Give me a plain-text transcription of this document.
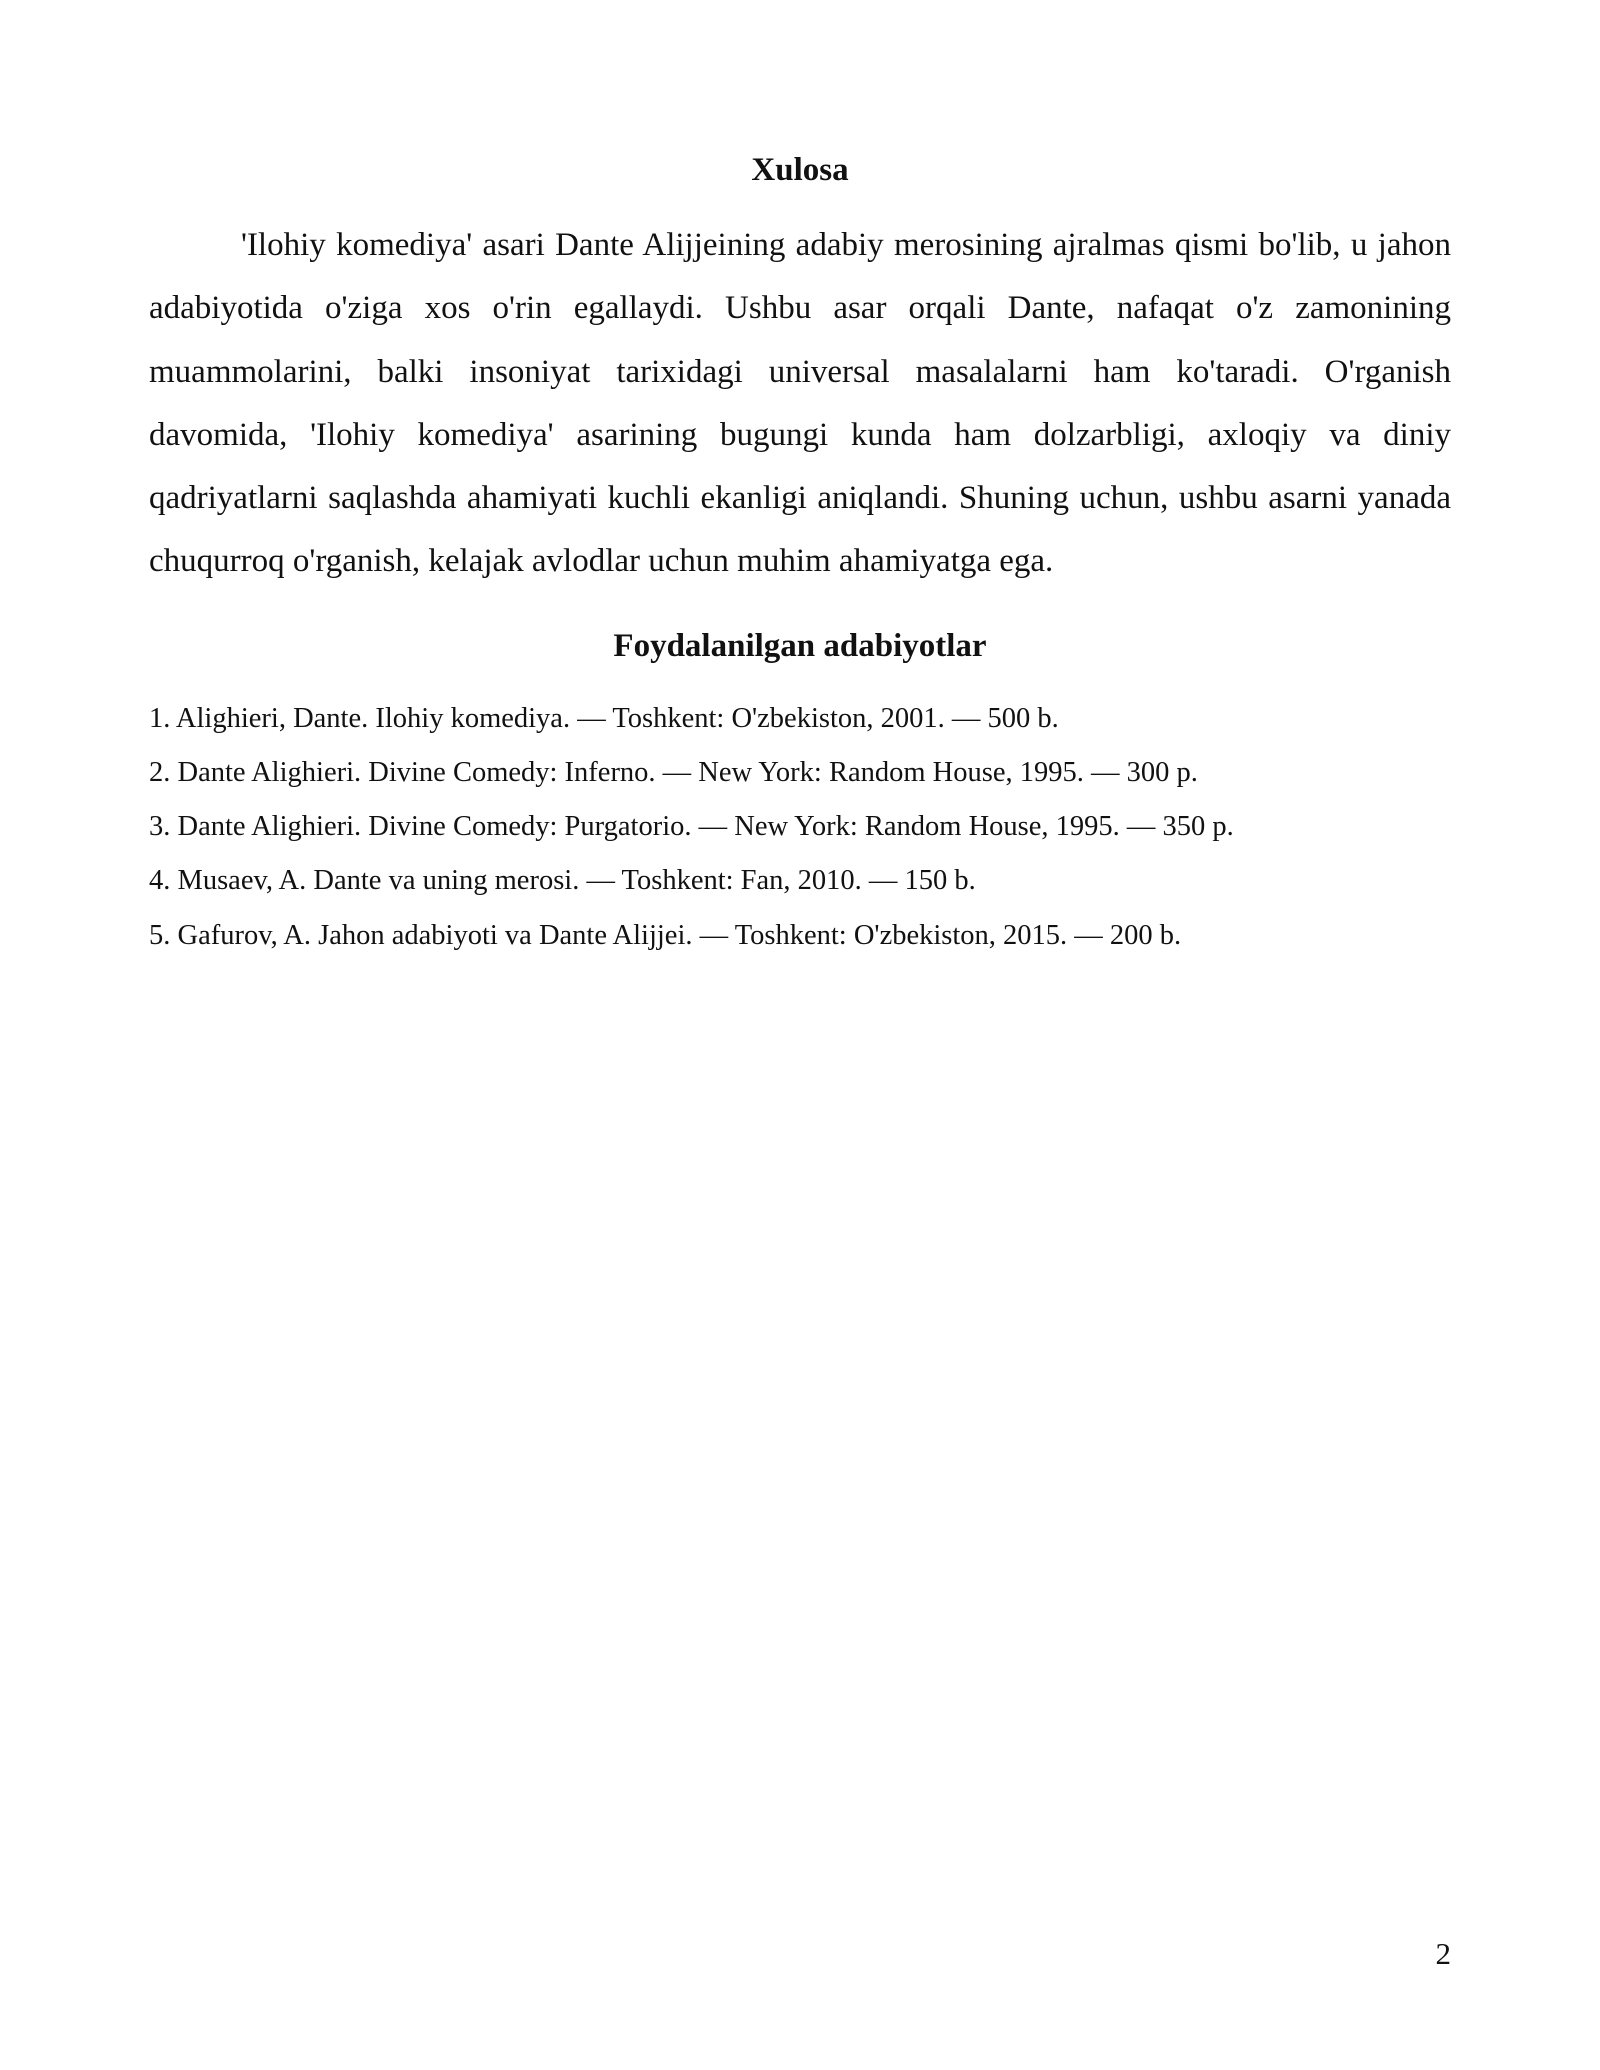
Xulosa

'Ilohiy komediya' asari Dante Alijjeining adabiy merosining ajralmas qismi bo'lib, u jahon adabiyotida o'ziga xos o'rin egallaydi. Ushbu asar orqali Dante, nafaqat o'z zamonining muammolarini, balki insoniyat tarixidagi universal masalalarni ham ko'taradi. O'rganish davomida, 'Ilohiy komediya' asarining bugungi kunda ham dolzarbligi, axloqiy va diniy qadriyatlarni saqlashda ahamiyati kuchli ekanligi aniqlandi. Shuning uchun, ushbu asarni yanada chuqurroq o'rganish, kelajak avlodlar uchun muhim ahamiyatga ega.

Foydalanilgan adabiyotlar
1. Alighieri, Dante. Ilohiy komediya. — Toshkent: O'zbekiston, 2001. — 500 b.
2. Dante Alighieri. Divine Comedy: Inferno. — New York: Random House, 1995. — 300 p.
3. Dante Alighieri. Divine Comedy: Purgatorio. — New York: Random House, 1995. — 350 p.
4. Musaev, A. Dante va uning merosi. — Toshkent: Fan, 2010. — 150 b.
5. Gafurov, A. Jahon adabiyoti va Dante Alijjei. — Toshkent: O'zbekiston, 2015. — 200 b.
2
